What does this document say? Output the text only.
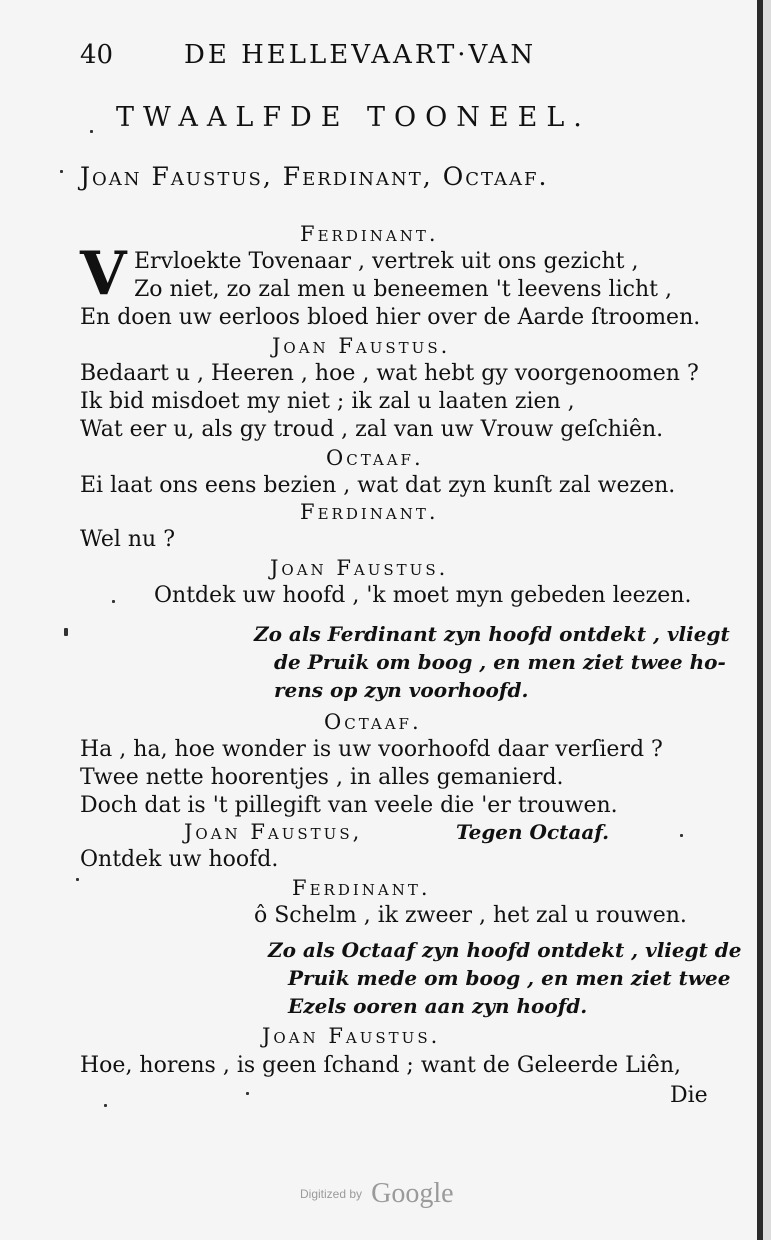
40	DE HELLEVAART·VAN
TWAALFDE TOONEEL.
Joan Faustus, Ferdinant, Octaaf.
Ferdinant.
V Ervloekte Tovenaar , vertrek uit ons gezicht ,
Zo niet, zo zal men u beneemen 't leevens licht ,
En doen uw eerloos bloed hier over de Aarde ſtroomen.
Joan Faustus.
Bedaart u , Heeren , hoe , wat hebt gy voorgenoomen ?
Ik bid misdoet my niet ; ik zal u laaten zien ,
Wat eer u, als gy troud , zal van uw Vrouw geſchiên.
Octaaf.
Ei laat ons eens bezien , wat dat zyn kunſt zal wezen.
Ferdinant.
Wel nu ?
Joan Faustus.
Ontdek uw hoofd , 'k moet myn gebeden leezen.
Zo als Ferdinant zyn hoofd ontdekt , vliegt
de Pruik om boog , en men ziet twee ho-
rens op zyn voorhoofd.
Octaaf.
Ha , ha, hoe wonder is uw voorhoofd daar verſierd ?
Twee nette hoorentjes , in alles gemanierd.
Doch dat is 't pillegift van veele die 'er trouwen.
Joan Faustus,	Tegen Octaaf.
Ontdek uw hoofd.
Ferdinant.
ô Schelm , ik zweer , het zal u rouwen.
Zo als Octaaf zyn hoofd ontdekt , vliegt de
Pruik mede om boog , en men ziet twee
Ezels ooren aan zyn hoofd.
Joan Faustus.
Hoe, horens , is geen ſchand ; want de Geleerde Liên,
Die
Digitized by Google
